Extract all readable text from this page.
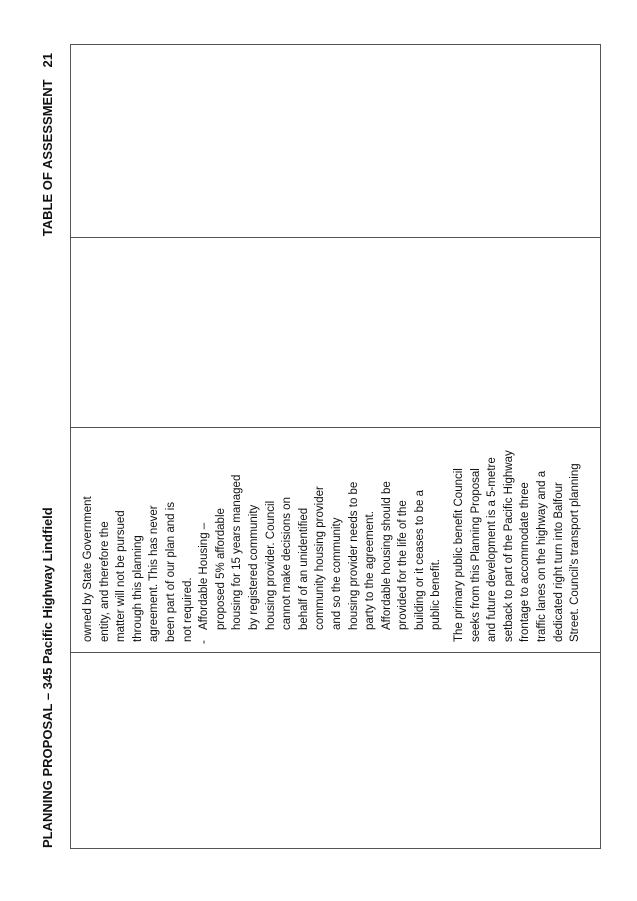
PLANNING PROPOSAL – 345 Pacific Highway Lindfield
TABLE OF ASSESSMENT21
owned by State Government entity, and therefore the matter will not be pursued through this planning agreement. This has never been part of our plan and is not required.
-
Affordable Housing – proposed 5% affordable housing for 15 years managed by registered community housing provider. Council cannot make decisions on behalf of an unidentified community housing provider and so the community housing provider needs to be party to the agreement. Affordable housing should be provided for the life of the building or it ceases to be a public benefit. The primary public benefit Council seeks from this Planning Proposal and future development is a 5-metre setback to part of the Pacific Highway frontage to accommodate three traffic lanes on the highway and a dedicated right turn into Balfour Street. Council's transport planning
